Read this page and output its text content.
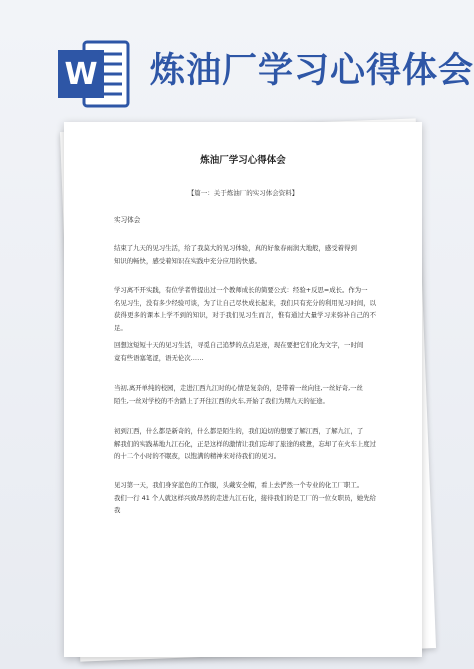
W 炼油厂学习心得体会
炼油厂学习心得体会
【篇一：关于炼油厂的实习体会资料】
实习体会
结束了九天的见习生活，给了我莫大的见习体验，真的好象春雨润大地般，感受着得到
知识的畅快，感受着知识在实践中充分应用的快感。
学习离不开实践，有位学者曾提出过一个教师成长的简要公式：经验+反思=成长。作为一
名见习生，没有多少经验可谈，为了让自己尽快成长起来，我们只有充分的利用见习时间，以
获得更多的课本上学不到的知识，对于我们见习生而言，惟有通过大量学习来弥补自己的不足。
回想这短短十天的见习生活，寻觅自己追梦的点点足迹，现在要把它们化为文字，一时间
竟有些语塞笔涩，语无伦次……
当初,离开单纯的校园，走进江西九江时的心情是复杂的，是带着一丝向往,一丝好奇,一丝
陌生,一丝对学校的不舍踏上了开往江西的火车,开始了我们为期九天的征途。
初到江西，什么都是新奇的，什么都是陌生的，我们迫切的想要了解江西，了解九江，了
解我们的实践基地九江石化，正是这样的激情让我们忘却了旅途的疲惫，忘却了在火车上度过
的十二个小时的不眠夜，以饱满的精神来对待我们的见习。
见习第一天，我们身穿蓝色的工作服，头戴安全帽，看上去俨然一个专业的化工厂职工。
我们一行 41 个人就这样兴致昂然的走进九江石化，接待我们的是工厂的一位女职员，她先给我
